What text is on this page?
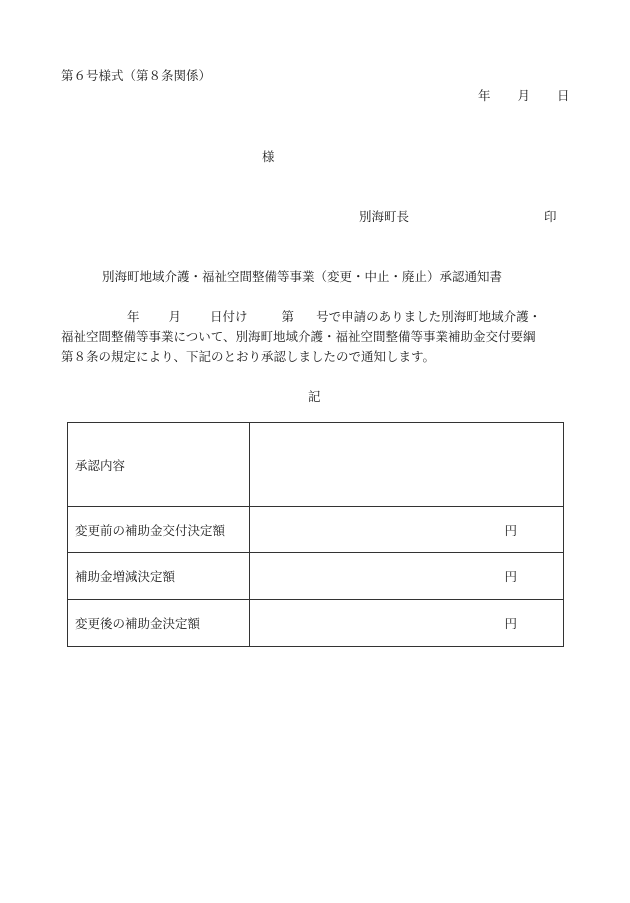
第６号様式（第８条関係）
年 月 日
様
別海町長	印
別海町地域介護・福祉空間整備等事業（変更・中止・廃止）承認通知書
年 月 日付け	第 号で申請のありました別海町地域介護・
福祉空間整備等事業について、別海町地域介護・福祉空間整備等事業補助金交付要綱
第８条の規定により、下記のとおり承認しましたので通知します。
記
承認内容	
変更前の補助金交付決定額	円
補助金増減決定額	円
変更後の補助金決定額	円
